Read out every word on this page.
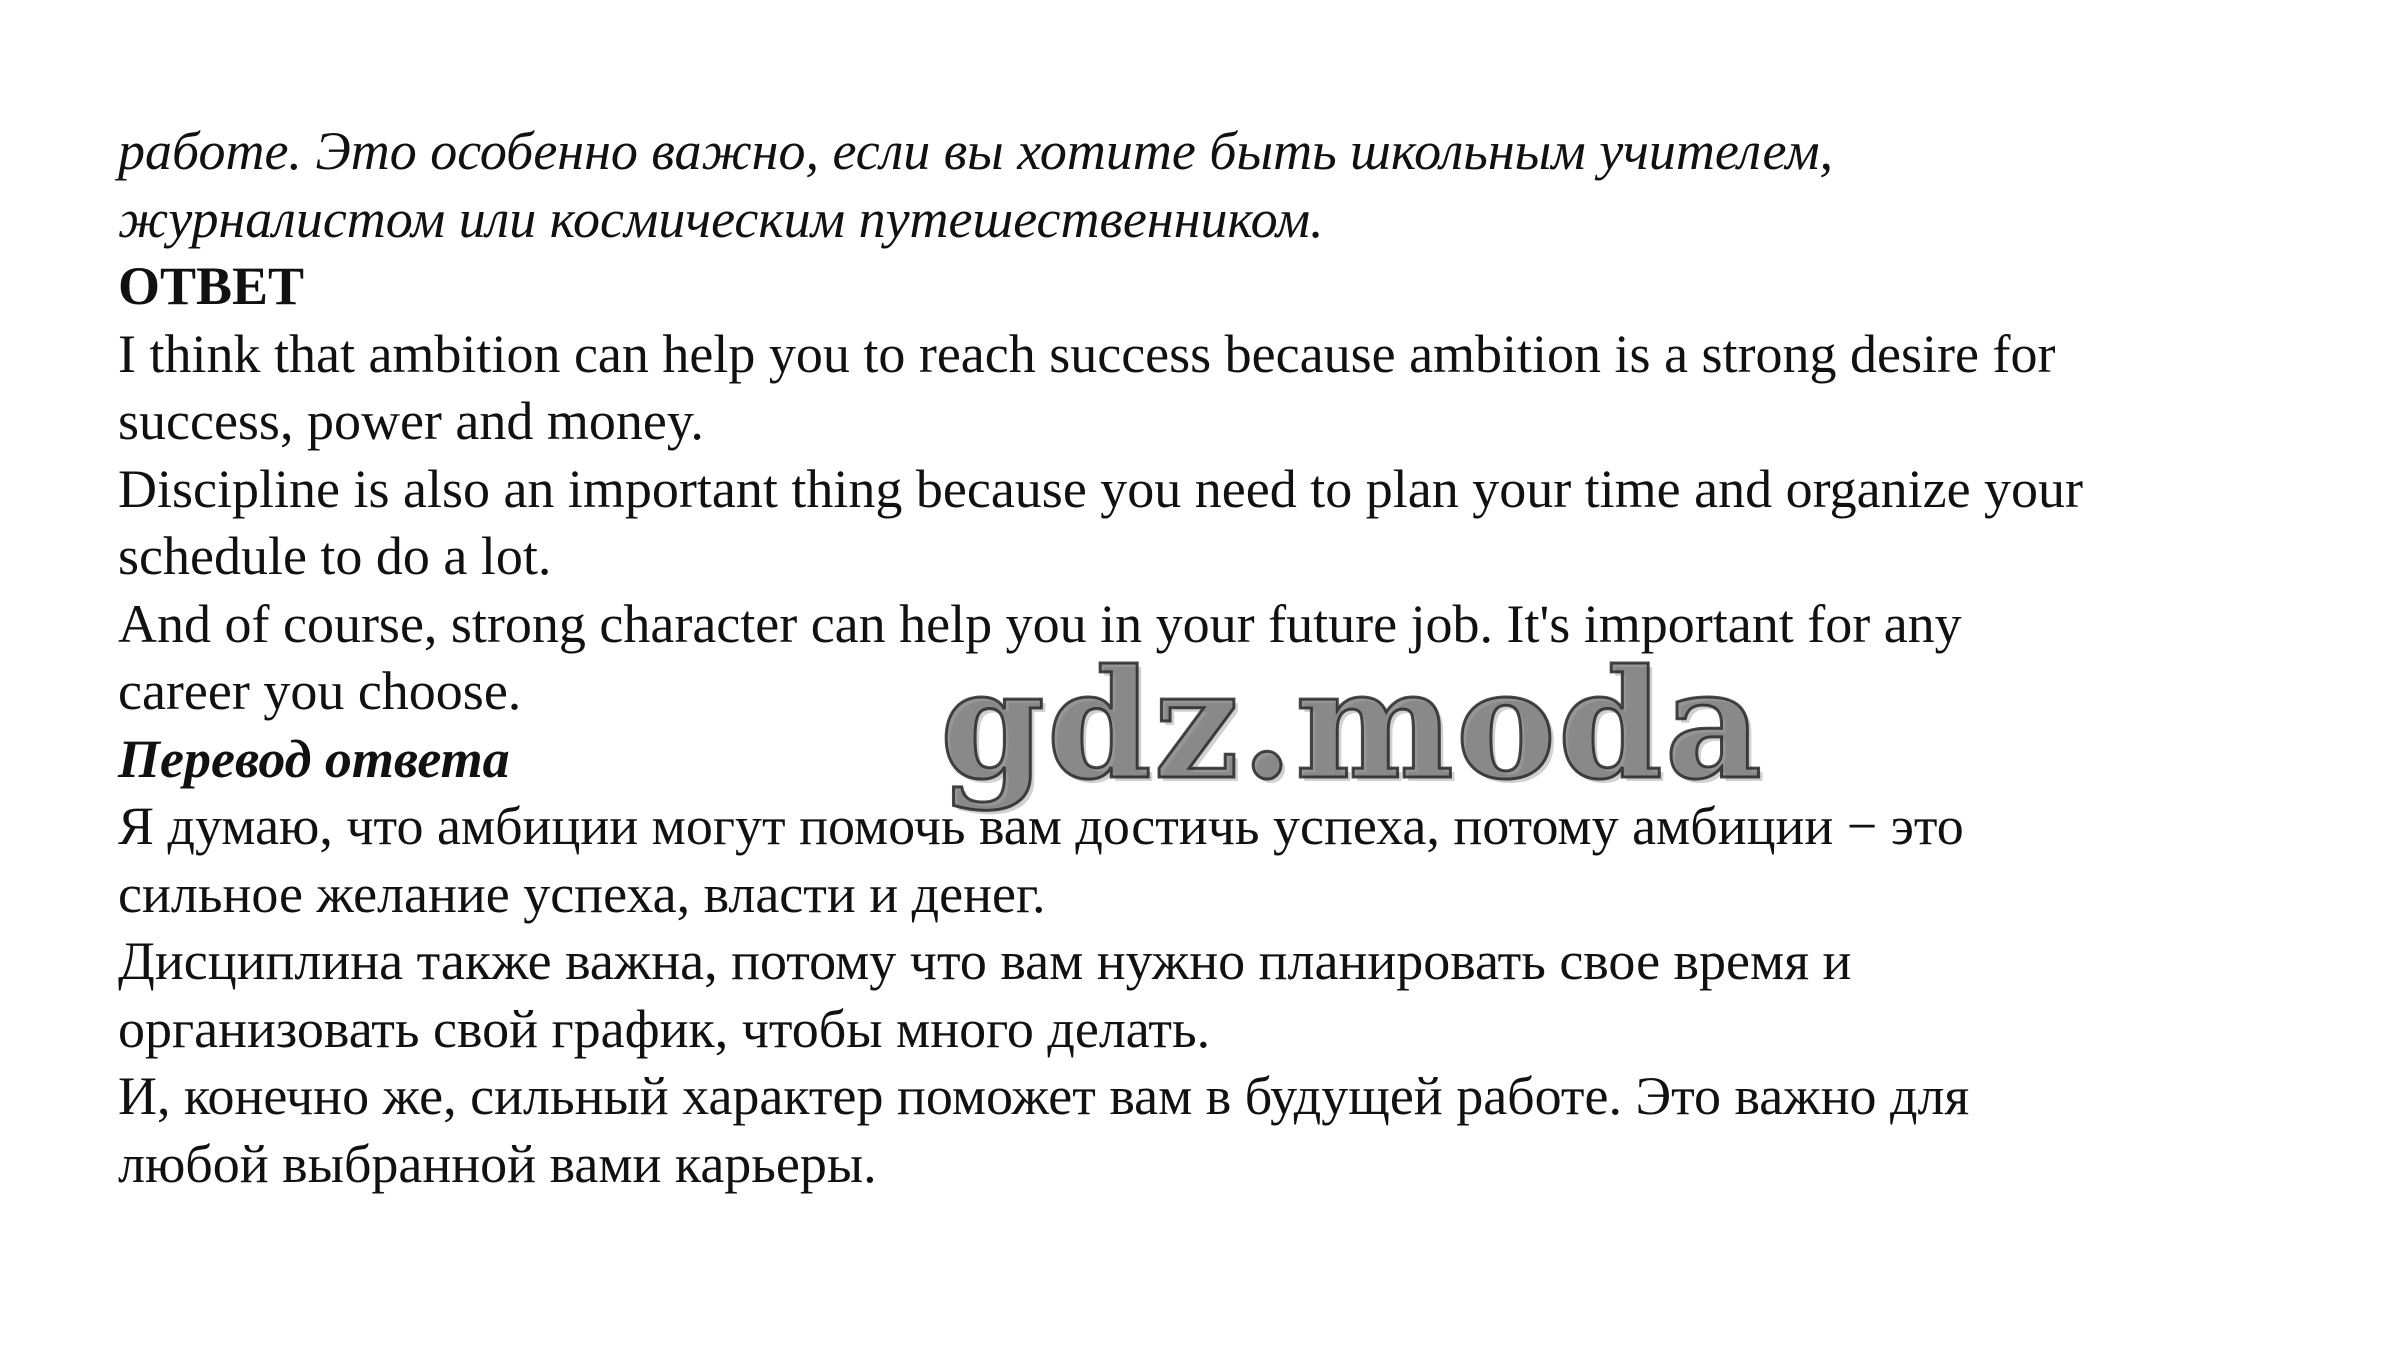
работе. Это особенно важно, если вы хотите быть школьным учителем,

журналистом или космическим путешественником.

ОТВЕТ

I think that ambition can help you to reach success because ambition is a strong desire for

success, power and money.

Discipline is also an important thing because you need to plan your time and organize your

schedule to do a lot.

And of course, strong character can help you in your future job. It's important for any

career you choose.

Перевод ответа

Я думаю, что амбиции могут помочь вам достичь успеха, потому амбиции − это

сильное желание успеха, власти и денег.

Дисциплина также важна, потому что вам нужно планировать свое время и

организовать свой график, чтобы много делать.

И, конечно же, сильный характер поможет вам в будущей работе. Это важно для

любой выбранной вами карьеры.

gdz.moda
